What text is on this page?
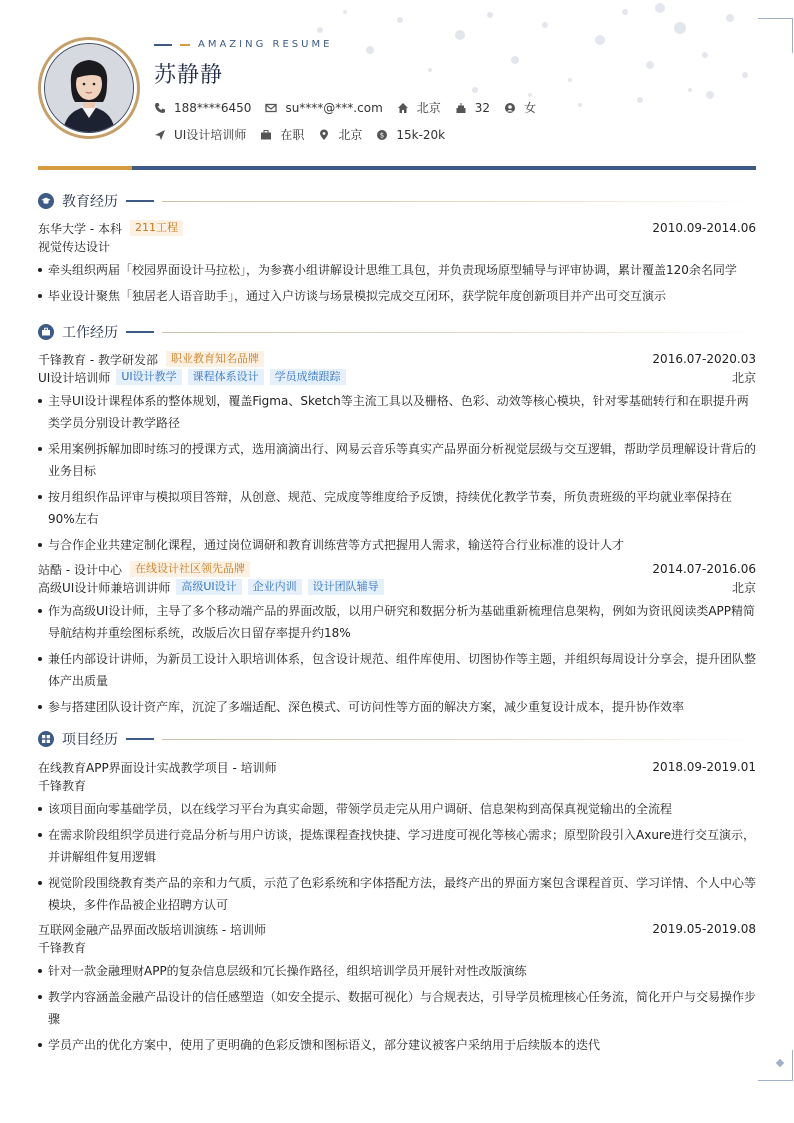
AMAZING RESUME
苏静静
188****6450	su****@***.com	北京	32	女
UI设计培训师	在职	北京	$ 15k-20k
教育经历
东华大学 - 本科	211工程	2010.09-2014.06
视觉传达设计
牵头组织两届「校园界面设计马拉松」，为参赛小组讲解设计思维工具包，并负责现场原型辅导与评审协调，累计覆盖120余名同学
毕业设计聚焦「独居老人语音助手」，通过入户访谈与场景模拟完成交互闭环，获学院年度创新项目并产出可交互演示
工作经历
千锋教育 - 教学研发部	职业教育知名品牌	2016.07-2020.03
UI设计培训师	UI设计教学	课程体系设计	学员成绩跟踪	北京
主导UI设计课程体系的整体规划，覆盖Figma、Sketch等主流工具以及栅格、色彩、动效等核心模块，针对零基础转行和在职提升两类学员分别设计教学路径
采用案例拆解加即时练习的授课方式，选用滴滴出行、网易云音乐等真实产品界面分析视觉层级与交互逻辑，帮助学员理解设计背后的业务目标
按月组织作品评审与模拟项目答辩，从创意、规范、完成度等维度给予反馈，持续优化教学节奏，所负责班级的平均就业率保持在90%左右
与合作企业共建定制化课程，通过岗位调研和教育训练营等方式把握用人需求，输送符合行业标准的设计人才
站酷 - 设计中心	在线设计社区领先品牌	2014.07-2016.06
高级UI设计师兼培训讲师	高级UI设计	企业内训	设计团队辅导	北京
作为高级UI设计师，主导了多个移动端产品的界面改版，以用户研究和数据分析为基础重新梳理信息架构，例如为资讯阅读类APP精简导航结构并重绘图标系统，改版后次日留存率提升约18%
兼任内部设计讲师，为新员工设计入职培训体系，包含设计规范、组件库使用、切图协作等主题，并组织每周设计分享会，提升团队整体产出质量
参与搭建团队设计资产库，沉淀了多端适配、深色模式、可访问性等方面的解决方案，减少重复设计成本，提升协作效率
项目经历
在线教育APP界面设计实战教学项目 - 培训师	2018.09-2019.01
千锋教育
该项目面向零基础学员，以在线学习平台为真实命题，带领学员走完从用户调研、信息架构到高保真视觉输出的全流程
在需求阶段组织学员进行竞品分析与用户访谈，提炼课程查找快捷、学习进度可视化等核心需求；原型阶段引入Axure进行交互演示，并讲解组件复用逻辑
视觉阶段围绕教育类产品的亲和力气质，示范了色彩系统和字体搭配方法，最终产出的界面方案包含课程首页、学习详情、个人中心等模块，多件作品被企业招聘方认可
互联网金融产品界面改版培训演练 - 培训师	2019.05-2019.08
千锋教育
针对一款金融理财APP的复杂信息层级和冗长操作路径，组织培训学员开展针对性改版演练
教学内容涵盖金融产品设计的信任感塑造（如安全提示、数据可视化）与合规表达，引导学员梳理核心任务流，简化开户与交易操作步骤
学员产出的优化方案中，使用了更明确的色彩反馈和图标语义，部分建议被客户采纳用于后续版本的迭代
